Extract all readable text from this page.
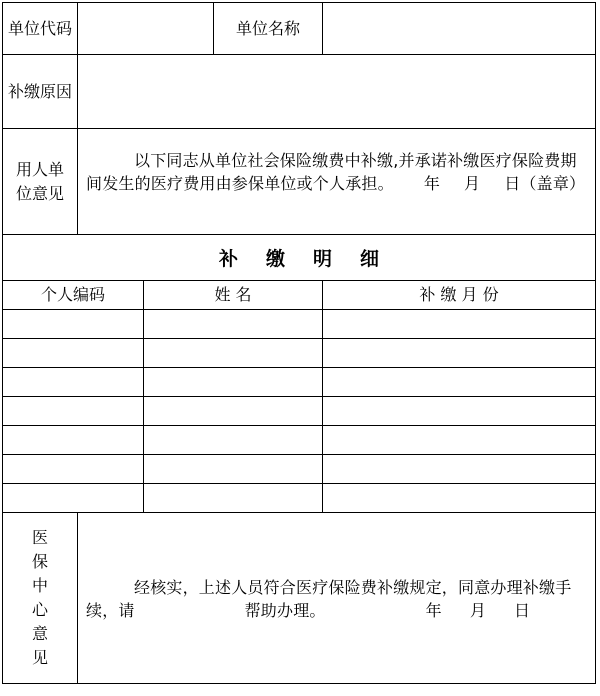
单位代码	单位名称
补缴原因
用人单
位意见
以下同志从单位社会保险缴费中补缴,并承诺补缴医疗保险费期间发生的医疗费用由参保单位或个人承担。 年 月 日（盖章）
补 缴 明 细
个人编码	姓 名	补 缴 月 份
医
保
中
心
意
见
经核实，上述人员符合医疗保险费补缴规定，同意办理补缴手续，请	帮助办理。	年 月 日
